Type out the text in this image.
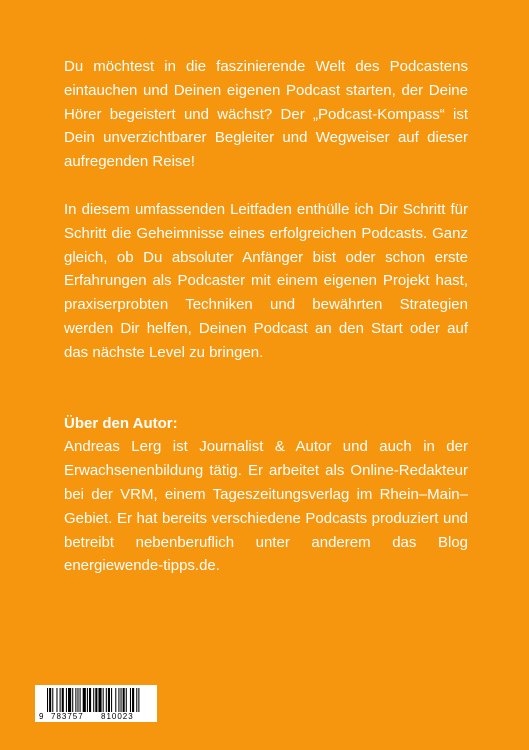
Du möchtest in die faszinierende Welt des Podcastens eintauchen und Deinen eigenen Podcast starten, der Deine Hörer begeistert und wächst? Der „Podcast-Kompass“ ist Dein unverzichtbarer Begleiter und Wegweiser auf dieser aufregenden Reise!

In diesem umfassenden Leitfaden enthülle ich Dir Schritt für Schritt die Geheimnisse eines erfolgreichen Podcasts. Ganz gleich, ob Du absoluter Anfänger bist oder schon erste Erfahrungen als Podcaster mit einem eigenen Projekt hast, praxiserprobten Techniken und bewährten Strategien werden Dir helfen, Deinen Podcast an den Start oder auf das nächste Level zu bringen.

Über den Autor:

Andreas Lerg ist Journalist & Autor und auch in der Erwachsenenbildung tätig. Er arbeitet als Online-Redakteur bei der VRM, einem Tageszeitungsverlag im Rhein–Main–Gebiet. Er hat bereits verschiedene Podcasts produziert und betreibt nebenberuflich unter anderem das Blog energiewende-tipps.de.

9 783757 810023
